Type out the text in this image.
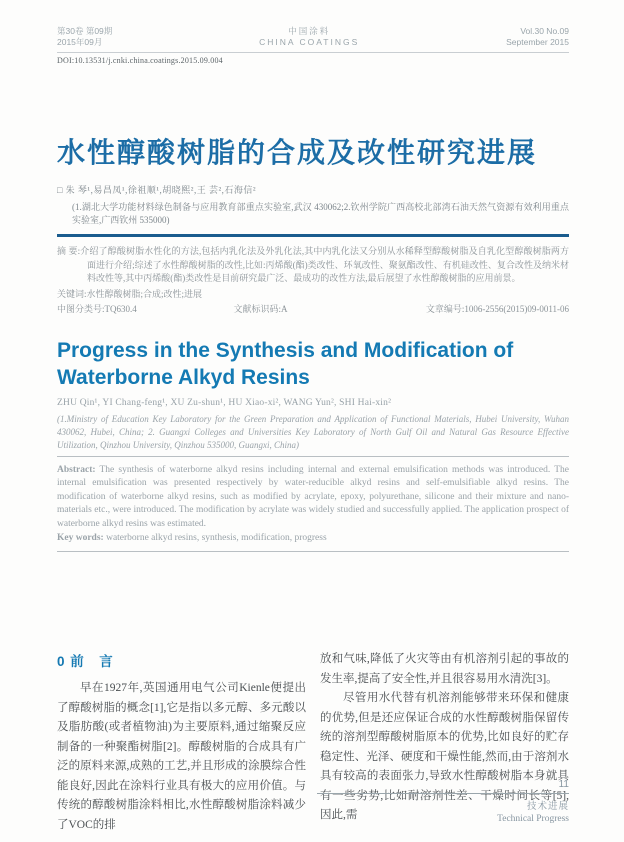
第30卷 第09期
2015年09月
中国涂料
CHINA COATINGS
Vol.30 No.09
September 2015
DOI:10.13531/j.cnki.china.coatings.2015.09.004
水性醇酸树脂的合成及改性研究进展
□ 朱 琴¹,易昌凤¹,徐祖顺¹,胡晓熙²,王 芸²,石海信²
(1.湖北大学功能材料绿色制备与应用教育部重点实验室,武汉 430062;2.钦州学院广西高校北部湾石油天然气资源有效利用重点实验室,广西钦州 535000)

摘 要:介绍了醇酸树脂水性化的方法,包括内乳化法及外乳化法,其中内乳化法又分别从水稀释型醇酸树脂及自乳化型醇酸树脂两方面进行介绍;综述了水性醇酸树脂的改性,比如:丙烯酸(酯)类改性、环氧改性、聚氨酯改性、有机硅改性、复合改性及纳米材料改性等,其中丙烯酸(酯)类改性是目前研究最广泛、最成功的改性方法,最后展望了水性醇酸树脂的应用前景。

关键词:水性醇酸树脂;合成;改性;进展
中图分类号:TQ630.4	文献标识码:A	文章编号:1006-2556(2015)09-0011-06
Progress in the Synthesis and Modification of Waterborne Alkyd Resins
ZHU Qin¹, YI Chang-feng¹, XU Zu-shun¹, HU Xiao-xi², WANG Yun², SHI Hai-xin²
(1.Ministry of Education Key Laboratory for the Green Preparation and Application of Functional Materials, Hubei University, Wuhan 430062, Hubei, China; 2. Guangxi Colleges and Universities Key Laboratory of North Gulf Oil and Natural Gas Resource Effective Utilization, Qinzhou University, Qinzhou 535000, Guangxi, China)

Abstract: The synthesis of waterborne alkyd resins including internal and external emulsification methods was introduced. The internal emulsification was presented respectively by water-reducible alkyd resins and self-emulsifiable alkyd resins. The modification of waterborne alkyd resins, such as modified by acrylate, epoxy, polyurethane, silicone and their mixture and nano-materials etc., were introduced. The modification by acrylate was widely studied and successfully applied. The application prospect of waterborne alkyd resins was estimated.

Key words: waterborne alkyd resins, synthesis, modification, progress
0 前　言

早在1927年,英国通用电气公司Kienle便提出了醇酸树脂的概念[1],它是指以多元醇、多元酸以及脂肪酸(或者植物油)为主要原料,通过缩聚反应制备的一种聚酯树脂[2]。醇酸树脂的合成具有广泛的原料来源,成熟的工艺,并且形成的涂膜综合性能良好,因此在涂料行业具有极大的应用价值。与传统的醇酸树脂涂料相比,水性醇酸树脂涂料减少了VOC的排

放和气味,降低了火灾等由有机溶剂引起的事故的发生率,提高了安全性,并且很容易用水清洗[3]。

尽管用水代替有机溶剂能够带来环保和健康的优势,但是还应保证合成的水性醇酸树脂保留传统的溶剂型醇酸树脂原本的优势,比如良好的贮存稳定性、光泽、硬度和干燥性能,然而,由于溶剂水具有较高的表面张力,导致水性醇酸树脂本身就具有一些劣势,比如耐溶剂性差、干燥时间长等[5],因此,需

11
技术进展
Technical Progress
